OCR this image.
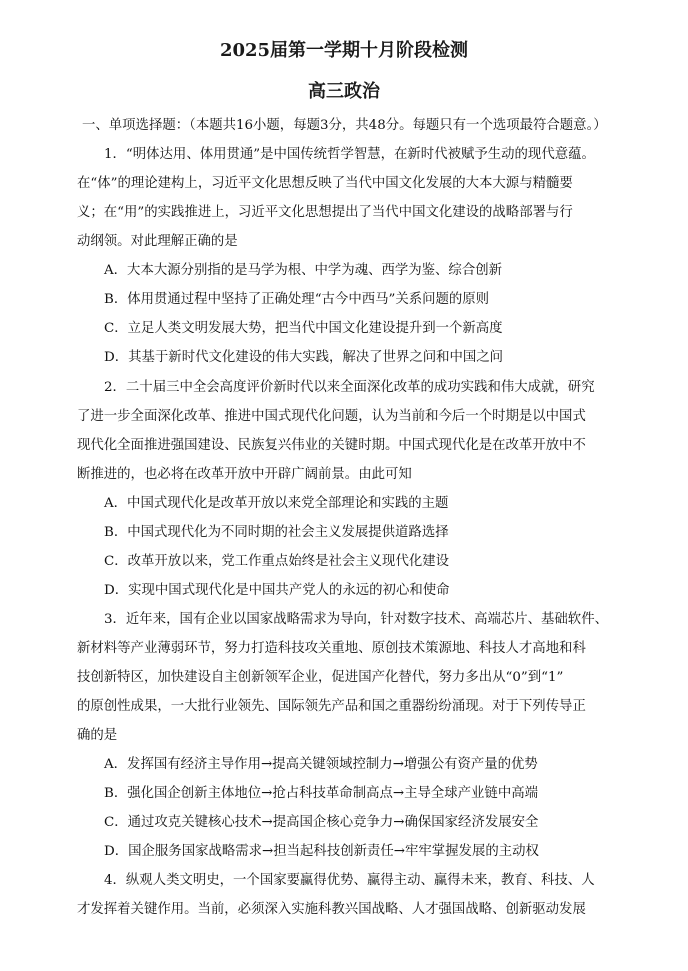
2025届第一学期十月阶段检测
高三政治
一、单项选择题：（本题共16小题，每题3分，共48分。每题只有一个选项最符合题意。）
1．“明体达用、体用贯通”是中国传统哲学智慧，在新时代被赋予生动的现代意蕴。
在“体”的理论建构上，习近平文化思想反映了当代中国文化发展的大本大源与精髓要
义；在“用”的实践推进上，习近平文化思想提出了当代中国文化建设的战略部署与行
动纲领。对此理解正确的是
A．大本大源分别指的是马学为根、中学为魂、西学为鉴、综合创新
B．体用贯通过程中坚持了正确处理“古今中西马”关系问题的原则
C．立足人类文明发展大势，把当代中国文化建设提升到一个新高度
D．其基于新时代文化建设的伟大实践，解决了世界之问和中国之问
2．二十届三中全会高度评价新时代以来全面深化改革的成功实践和伟大成就，研究
了进一步全面深化改革、推进中国式现代化问题，认为当前和今后一个时期是以中国式
现代化全面推进强国建设、民族复兴伟业的关键时期。中国式现代化是在改革开放中不
断推进的，也必将在改革开放中开辟广阔前景。由此可知
A．中国式现代化是改革开放以来党全部理论和实践的主题
B．中国式现代化为不同时期的社会主义发展提供道路选择
C．改革开放以来，党工作重点始终是社会主义现代化建设
D．实现中国式现代化是中国共产党人的永远的初心和使命
3．近年来，国有企业以国家战略需求为导向，针对数字技术、高端芯片、基础软件、
新材料等产业薄弱环节，努力打造科技攻关重地、原创技术策源地、科技人才高地和科
技创新特区，加快建设自主创新领军企业，促进国产化替代，努力多出从“0”到“1”
的原创性成果，一大批行业领先、国际领先产品和国之重器纷纷涌现。对于下列传导正
确的是
A．发挥国有经济主导作用→提高关键领域控制力→增强公有资产量的优势
B．强化国企创新主体地位→抢占科技革命制高点→主导全球产业链中高端
C．通过攻克关键核心技术→提高国企核心竞争力→确保国家经济发展安全
D．国企服务国家战略需求→担当起科技创新责任→牢牢掌握发展的主动权
4．纵观人类文明史，一个国家要赢得优势、赢得主动、赢得未来，教育、科技、人
才发挥着关键作用。当前，必须深入实施科教兴国战略、人才强国战略、创新驱动发展
